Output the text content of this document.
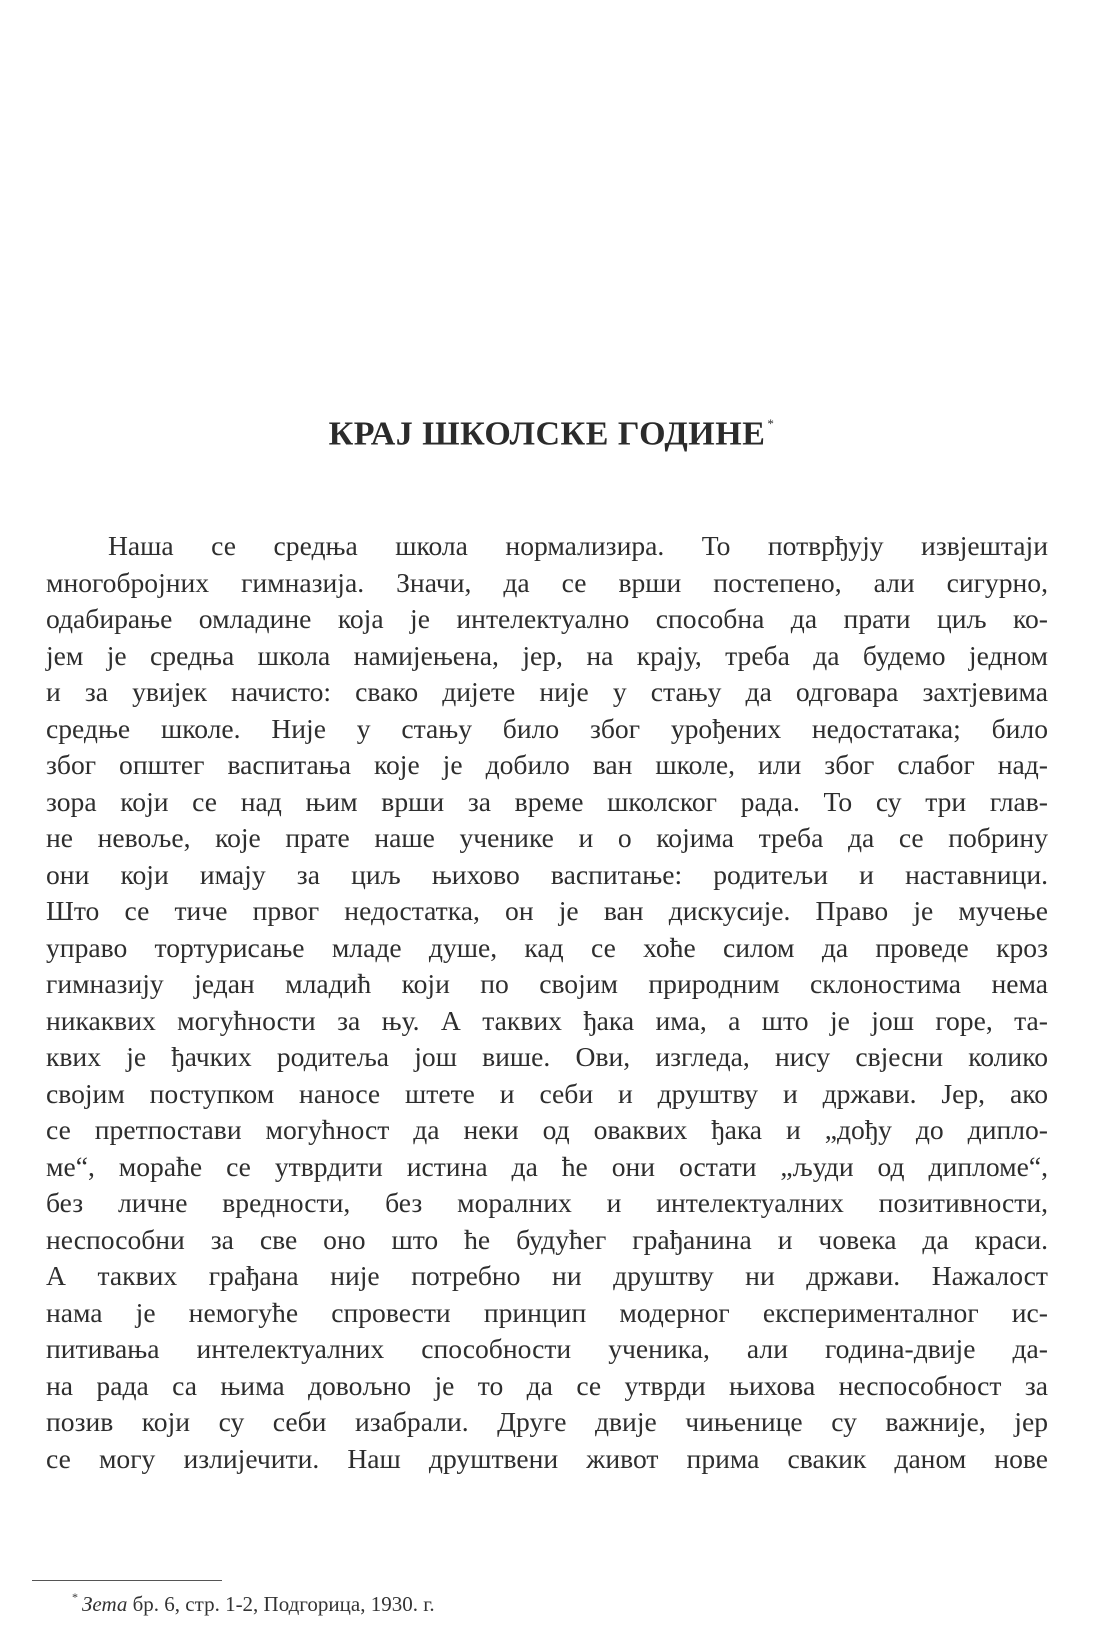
КРАЈ ШКОЛСКЕ ГОДИНЕ *
Наша се средња школа нормализира. То потврђују извјештаји
многобројних гимназија. Значи, да се врши постепено, али сигурно,
одабирање омладине која је интелектуално способна да прати циљ ко-
јем је средња школа намијењена, јер, на крају, треба да будемо једном
и за увијек начисто: свако дијете није у стању да одговара захтјевима
средње школе. Није у стању било због урођених недостатака; било
због општег васпитања које је добило ван школе, или због слабог над-
зора који се над њим врши за време школског рада. То су три глав-
не невоље, које прате наше ученике и о којима треба да се побрину
они који имају за циљ њихово васпитање: родитељи и наставници.
Што се тиче првог недостатка, он је ван дискусије. Право је мучење
управо тортурисање младе душе, кад се хоће силом да проведе кроз
гимназију један младић који по својим природним склоностима нема
никаквих могућности за њу. А таквих ђака има, а што је још горе, та-
квих је ђачких родитеља још више. Ови, изгледа, нису свјесни колико
својим поступком наносе штете и себи и друштву и држави. Јер, ако
се претпостави могућност да неки од оваквих ђака и „дођу до дипло-
ме“, мораће се утврдити истина да ће они остати „људи од дипломе“,
без личне вредности, без моралних и интелектуалних позитивности,
неспособни за све оно што ће будућег грађанина и човека да краси.
А таквих грађана није потребно ни друштву ни држави. Нажалост
нама је немогуће спровести принцип модерног експерименталног ис-
питивања интелектуалних способности ученика, али година-двије да-
на рада са њима довољно је то да се утврди њихова неспособност за
позив који су себи изабрали. Друге двије чињенице су важније, јер
се могу излијечити. Наш друштвени живот прима свакик даном нове
* Зета бр. 6, стр. 1-2, Подгорица, 1930. г.
